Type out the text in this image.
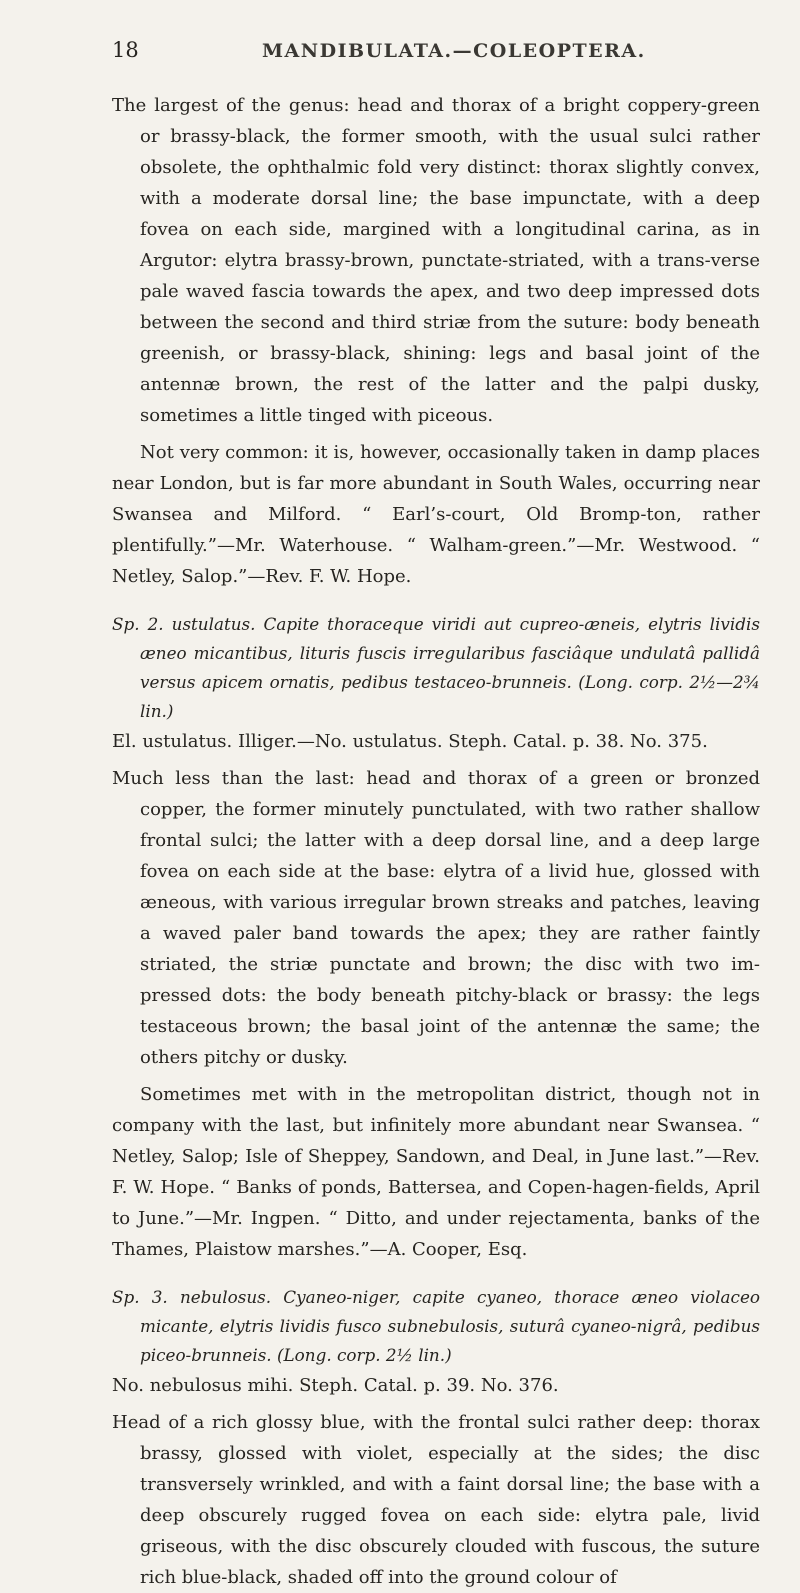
18	MANDIBULATA.—COLEOPTERA.

The largest of the genus: head and thorax of a bright coppery-green or brassy-black, the former smooth, with the usual sulci rather obsolete, the ophthalmic fold very distinct: thorax slightly convex, with a moderate dorsal line; the base impunctate, with a deep fovea on each side, margined with a longitudinal carina, as in Argutor: elytra brassy-brown, punctate-striated, with a trans-verse pale waved fascia towards the apex, and two deep impressed dots between the second and third striæ from the suture: body beneath greenish, or brassy-black, shining: legs and basal joint of the antennæ brown, the rest of the latter and the palpi dusky, sometimes a little tinged with piceous.

Not very common: it is, however, occasionally taken in damp places near London, but is far more abundant in South Wales, occurring near Swansea and Milford. “ Earl’s-court, Old Bromp-ton, rather plentifully.”—Mr. Waterhouse. “ Walham-green.”—Mr. Westwood. “ Netley, Salop.”—Rev. F. W. Hope.

Sp. 2. ustulatus. Capite thoraceque viridi aut cupreo-æneis, elytris lividis æneo micantibus, lituris fuscis irregularibus fasciâque undulatâ pallidâ versus apicem ornatis, pedibus testaceo-brunneis. (Long. corp. 2½—2¾ lin.)

El. ustulatus. Illiger.—No. ustulatus. Steph. Catal. p. 38. No. 375.

Much less than the last: head and thorax of a green or bronzed copper, the former minutely punctulated, with two rather shallow frontal sulci; the latter with a deep dorsal line, and a deep large fovea on each side at the base: elytra of a livid hue, glossed with æneous, with various irregular brown streaks and patches, leaving a waved paler band towards the apex; they are rather faintly striated, the striæ punctate and brown; the disc with two im-pressed dots: the body beneath pitchy-black or brassy: the legs testaceous brown; the basal joint of the antennæ the same; the others pitchy or dusky.

Sometimes met with in the metropolitan district, though not in company with the last, but infinitely more abundant near Swansea. “ Netley, Salop; Isle of Sheppey, Sandown, and Deal, in June last.”—Rev. F. W. Hope. “ Banks of ponds, Battersea, and Copen-hagen-fields, April to June.”—Mr. Ingpen. “ Ditto, and under rejectamenta, banks of the Thames, Plaistow marshes.”—A. Cooper, Esq.

Sp. 3. nebulosus. Cyaneo-niger, capite cyaneo, thorace æneo violaceo micante, elytris lividis fusco subnebulosis, suturâ cyaneo-nigrâ, pedibus piceo-brunneis. (Long. corp. 2½ lin.)

No. nebulosus mihi. Steph. Catal. p. 39. No. 376.

Head of a rich glossy blue, with the frontal sulci rather deep: thorax brassy, glossed with violet, especially at the sides; the disc transversely wrinkled, and with a faint dorsal line; the base with a deep obscurely rugged fovea on each side: elytra pale, livid griseous, with the disc obscurely clouded with fuscous, the suture rich blue-black, shaded off into the ground colour of
